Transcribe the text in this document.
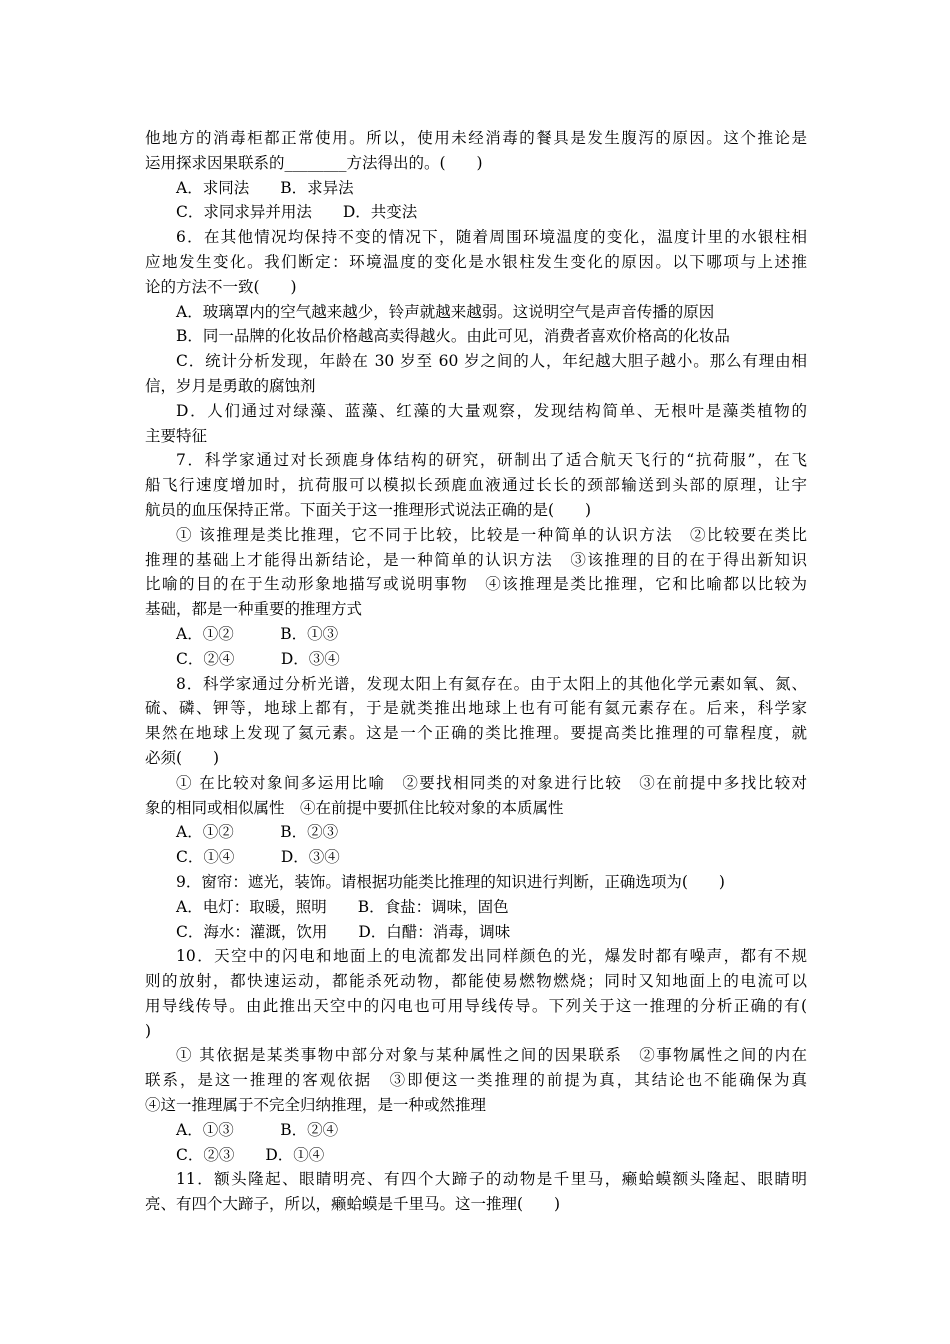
他地方的消毒柜都正常使用。所以，使用未经消毒的餐具是发生腹泻的原因。这个推论是
运用探求因果联系的________方法得出的。(　　)
A．求同法　　B．求异法
C．求同求异并用法　　D．共变法
6．在其他情况均保持不变的情况下，随着周围环境温度的变化，温度计里的水银柱相
应地发生变化。我们断定：环境温度的变化是水银柱发生变化的原因。以下哪项与上述推
论的方法不一致(　　)
A．玻璃罩内的空气越来越少，铃声就越来越弱。这说明空气是声音传播的原因
B．同一品牌的化妆品价格越高卖得越火。由此可见，消费者喜欢价格高的化妆品
C．统计分析发现，年龄在 30 岁至 60 岁之间的人，年纪越大胆子越小。那么有理由相
信，岁月是勇敢的腐蚀剂
D．人们通过对绿藻、蓝藻、红藻的大量观察，发现结构简单、无根叶是藻类植物的
主要特征
7．科学家通过对长颈鹿身体结构的研究，研制出了适合航天飞行的“抗荷服”，在飞
船飞行速度增加时，抗荷服可以模拟长颈鹿血液通过长长的颈部输送到头部的原理，让宇
航员的血压保持正常。下面关于这一推理形式说法正确的是(　　)
① 该推理是类比推理，它不同于比较，比较是一种简单的认识方法　②比较要在类比
推理的基础上才能得出新结论，是一种简单的认识方法　③该推理的目的在于得出新知识
比喻的目的在于生动形象地描写或说明事物　④该推理是类比推理，它和比喻都以比较为
基础，都是一种重要的推理方式
A．①②　　　B．①③
C．②④　　　D．③④
8．科学家通过分析光谱，发现太阳上有氦存在。由于太阳上的其他化学元素如氧、氮、
硫、磷、钾等，地球上都有，于是就类推出地球上也有可能有氦元素存在。后来，科学家
果然在地球上发现了氦元素。这是一个正确的类比推理。要提高类比推理的可靠程度，就
必须(　　)
① 在比较对象间多运用比喻　②要找相同类的对象进行比较　③在前提中多找比较对
象的相同或相似属性　④在前提中要抓住比较对象的本质属性
A．①②　　　B．②③
C．①④　　　D．③④
9．窗帘：遮光，装饰。请根据功能类比推理的知识进行判断，正确选项为(　　)
A．电灯：取暖，照明　　B．食盐：调味，固色
C．海水：灌溉，饮用　　D．白醋：消毒，调味
10．天空中的闪电和地面上的电流都发出同样颜色的光，爆发时都有噪声，都有不规
则的放射，都快速运动，都能杀死动物，都能使易燃物燃烧；同时又知地面上的电流可以
用导线传导。由此推出天空中的闪电也可用导线传导。下列关于这一推理的分析正确的有(
)
① 其依据是某类事物中部分对象与某种属性之间的因果联系　②事物属性之间的内在
联系，是这一推理的客观依据　③即便这一类推理的前提为真，其结论也不能确保为真
④这一推理属于不完全归纳推理，是一种或然推理
A．①③　　　B．②④
C．②③　　D．①④
11．额头隆起、眼睛明亮、有四个大蹄子的动物是千里马，癞蛤蟆额头隆起、眼睛明
亮、有四个大蹄子，所以，癞蛤蟆是千里马。这一推理(　　)
